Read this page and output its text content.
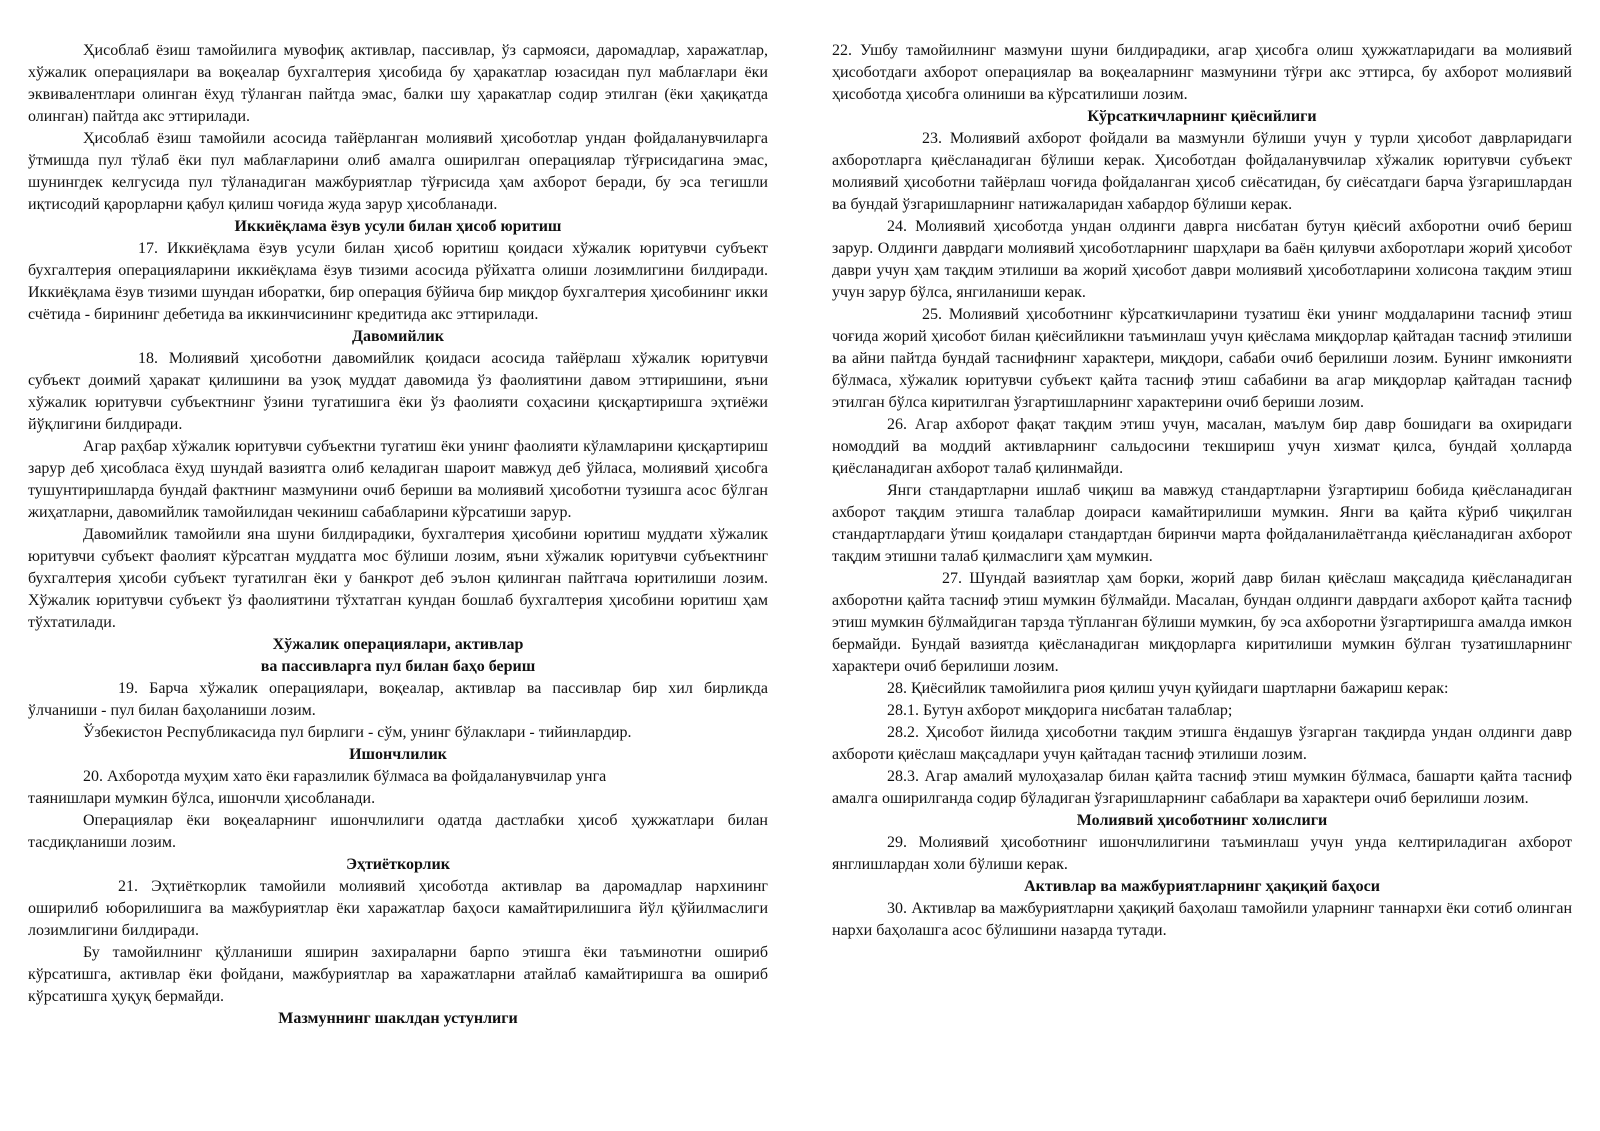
Ҳисоблаб ёзиш тамойилига мувофиқ активлар, пассивлар, ўз сармояси, даромадлар, харажатлар, хўжалик операциялари ва воқеалар бухгалтерия ҳисобида бу ҳаракатлар юзасидан пул маблағлари ёки эквивалентлари олинган ёхуд тўланган пайтда эмас, балки шу ҳаракатлар содир этилган (ёки ҳақиқатда олинган) пайтда акс эттирилади.

Ҳисоблаб ёзиш тамойили асосида тайёрланган молиявий ҳисоботлар ундан фойдаланувчиларга ўтмишда пул тўлаб ёки пул маблағларини олиб амалга оширилган операциялар тўғрисидагина эмас, шунингдек келгусида пул тўланадиган мажбуриятлар тўғрисида ҳам ахборот беради, бу эса тегишли иқтисодий қарорларни қабул қилиш чоғида жуда зарур ҳисобланади.

Иккиёқлама ёзув усули билан ҳисоб юритиш

17. Иккиёқлама ёзув усули билан ҳисоб юритиш қоидаси хўжалик юритувчи субъект бухгалтерия операцияларини иккиёқлама ёзув тизими асосида рўйхатга олиши лозимлигини билдиради. Иккиёқлама ёзув тизими шундан иборатки, бир операция бўйича бир миқдор бухгалтерия ҳисобининг икки счётида - бирининг дебетида ва иккинчисининг кредитида акс эттирилади.

Давомийлик

18. Молиявий ҳисоботни давомийлик қоидаси асосида тайёрлаш хўжалик юритувчи субъект доимий ҳаракат қилишини ва узоқ муддат давомида ўз фаолиятини давом эттиришини, яъни хўжалик юритувчи субъектнинг ўзини тугатишига ёки ўз фаолияти соҳасини қисқартиришга эҳтиёжи йўқлигини билдиради.

Агар раҳбар хўжалик юритувчи субъектни тугатиш ёки унинг фаолияти кўламларини қисқартириш зарур деб ҳисобласа ёхуд шундай вазиятга олиб келадиган шароит мавжуд деб ўйласа, молиявий ҳисобга тушунтиришларда бундай фактнинг мазмунини очиб бериши ва молиявий ҳисоботни тузишга асос бўлган жиҳатларни, давомийлик тамойилидан чекиниш сабабларини кўрсатиши зарур.

Давомийлик тамойили яна шуни билдирадики, бухгалтерия ҳисобини юритиш муддати хўжалик юритувчи субъект фаолият кўрсатган муддатга мос бўлиши лозим, яъни хўжалик юритувчи субъектнинг бухгалтерия ҳисоби субъект тугатилган ёки у банкрот деб эълон қилинган пайтгача юритилиши лозим. Хўжалик юритувчи субъект ўз фаолиятини тўхтатган кундан бошлаб бухгалтерия ҳисобини юритиш ҳам тўхтатилади.

Хўжалик операциялари, активлар
ва пассивларга пул билан баҳо бериш

19. Барча хўжалик операциялари, воқеалар, активлар ва пассивлар бир хил бирликда ўлчаниши - пул билан баҳоланиши лозим.

Ўзбекистон Республикасида пул бирлиги - сўм, унинг бўлаклари - тийинлардир.

Ишончлилик

20. Ахборотда муҳим хато ёки ғаразлилик бўлмаса ва фойдаланувчилар унга

таянишлари мумкин бўлса, ишончли ҳисобланади.

Операциялар ёки воқеаларнинг ишончлилиги одатда дастлабки ҳисоб ҳужжатлари билан тасдиқланиши лозим.

Эҳтиёткорлик

21. Эҳтиёткорлик тамойили молиявий ҳисоботда активлар ва даромадлар нархининг оширилиб юборилишига ва мажбуриятлар ёки харажатлар баҳоси камайтирилишига йўл қўйилмаслиги лозимлигини билдиради.

Бу тамойилнинг қўлланиши яширин захираларни барпо этишга ёки таъминотни ошириб кўрсатишга, активлар ёки фойдани, мажбуриятлар ва харажатларни атайлаб камайтиришга ва ошириб кўрсатишга ҳуқуқ бермайди.

Мазмуннинг шаклдан устунлиги

22. Ушбу тамойилнинг мазмуни шуни билдирадики, агар ҳисобга олиш ҳужжатларидаги ва молиявий ҳисоботдаги ахборот операциялар ва воқеаларнинг мазмунини тўғри акс эттирса, бу ахборот молиявий ҳисоботда ҳисобга олиниши ва кўрсатилиши лозим.

Кўрсаткичларнинг қиёсийлиги

23. Молиявий ахборот фойдали ва мазмунли бўлиши учун у турли ҳисобот даврларидаги ахборотларга қиёсланадиган бўлиши керак. Ҳисоботдан фойдаланувчилар хўжалик юритувчи субъект молиявий ҳисоботни тайёрлаш чоғида фойдаланган ҳисоб сиёсатидан, бу сиёсатдаги барча ўзгаришлардан ва бундай ўзгаришларнинг натижаларидан хабардор бўлиши керак.

24. Молиявий ҳисоботда ундан олдинги даврга нисбатан бутун қиёсий ахборотни очиб бериш зарур. Олдинги даврдаги молиявий ҳисоботларнинг шарҳлари ва баён қилувчи ахборотлари жорий ҳисобот даври учун ҳам тақдим этилиши ва жорий ҳисобот даври молиявий ҳисоботларини холисона тақдим этиш учун зарур бўлса, янгиланиши керак.

25. Молиявий ҳисоботнинг кўрсаткичларини тузатиш ёки унинг моддаларини тасниф этиш чоғида жорий ҳисобот билан қиёсийликни таъминлаш учун қиёслама миқдорлар қайтадан тасниф этилиши ва айни пайтда бундай таснифнинг характери, миқдори, сабаби очиб берилиши лозим. Бунинг имконияти бўлмаса, хўжалик юритувчи субъект қайта тасниф этиш сабабини ва агар миқдорлар қайтадан тасниф этилган бўлса киритилган ўзгартишларнинг характерини очиб бериши лозим.

26. Агар ахборот фақат тақдим этиш учун, масалан, маълум бир давр бошидаги ва охиридаги номоддий ва моддий активларнинг сальдосини текшириш учун хизмат қилса, бундай ҳолларда қиёсланадиган ахборот талаб қилинмайди.

Янги стандартларни ишлаб чиқиш ва мавжуд стандартларни ўзгартириш бобида қиёсланадиган ахборот тақдим этишга талаблар доираси камайтирилиши мумкин. Янги ва қайта кўриб чиқилган стандартлардаги ўтиш қоидалари стандартдан биринчи марта фойдаланилаётганда қиёсланадиган ахборот тақдим этишни талаб қилмаслиги ҳам мумкин.

27. Шундай вазиятлар ҳам борки, жорий давр билан қиёслаш мақсадида қиёсланадиган ахборотни қайта тасниф этиш мумкин бўлмайди. Масалан, бундан олдинги даврдаги ахборот қайта тасниф этиш мумкин бўлмайдиган тарзда тўпланган бўлиши мумкин, бу эса ахборотни ўзгартиришга амалда имкон бермайди. Бундай вазиятда қиёсланадиган миқдорларга киритилиши мумкин бўлган тузатишларнинг характери очиб берилиши лозим.

28. Қиёсийлик тамойилига риоя қилиш учун қуйидаги шартларни бажариш керак:

28.1. Бутун ахборот миқдорига нисбатан талаблар;

28.2. Ҳисобот йилида ҳисоботни тақдим этишга ёндашув ўзгарган тақдирда ундан олдинги давр ахбороти қиёслаш мақсадлари учун қайтадан тасниф этилиши лозим.

28.3. Агар амалий мулоҳазалар билан қайта тасниф этиш мумкин бўлмаса, башарти қайта тасниф амалга оширилганда содир бўладиган ўзгаришларнинг сабаблари ва характери очиб берилиши лозим.

Молиявий ҳисоботнинг холислиги

29. Молиявий ҳисоботнинг ишончлилигини таъминлаш учун унда келтириладиган ахборот янглишлардан холи бўлиши керак.

Активлар ва мажбуриятларнинг ҳақиқий баҳоси

30. Активлар ва мажбуриятларни ҳақиқий баҳолаш тамойили уларнинг таннархи ёки сотиб олинган нархи баҳолашга асос бўлишини назарда тутади.
